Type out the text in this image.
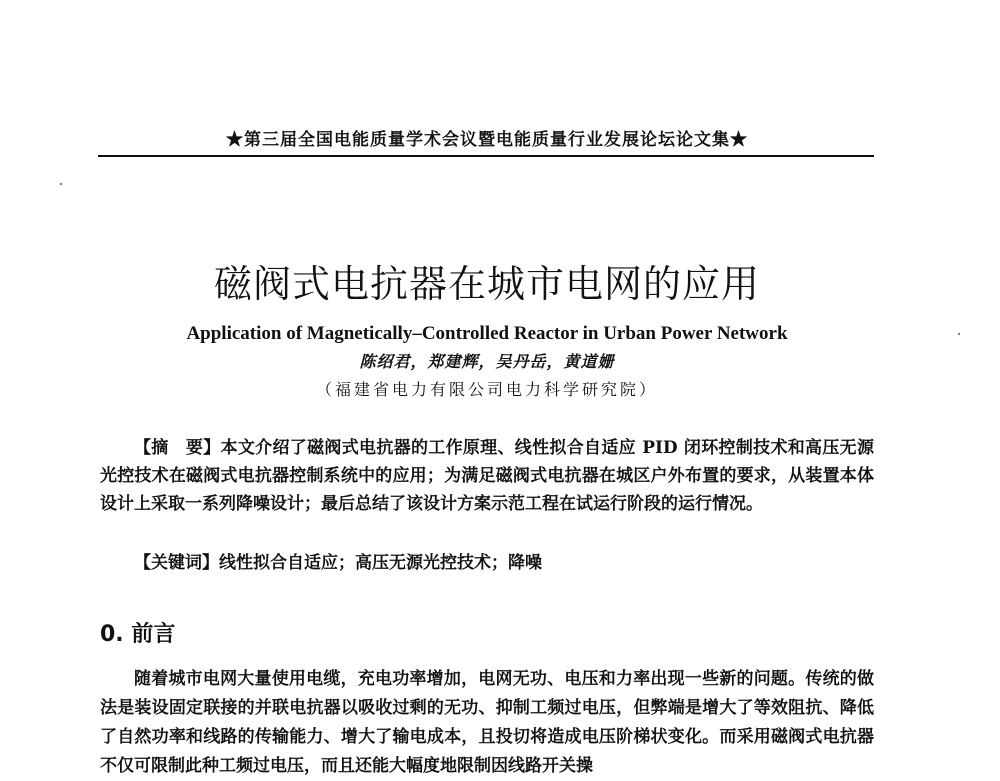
★第三届全国电能质量学术会议暨电能质量行业发展论坛论文集★
磁阀式电抗器在城市电网的应用
Application of Magnetically–Controlled Reactor in Urban Power Network
陈绍君，郑建辉，吴丹岳，黄道姗
（福建省电力有限公司电力科学研究院）

【摘　要】本文介绍了磁阀式电抗器的工作原理、线性拟合自适应 PID 闭环控制技术和高压无源光控技术在磁阀式电抗器控制系统中的应用；为满足磁阀式电抗器在城区户外布置的要求，从装置本体设计上采取一系列降噪设计；最后总结了该设计方案示范工程在试运行阶段的运行情况。

【关键词】线性拟合自适应；高压无源光控技术；降噪

0. 前言

随着城市电网大量使用电缆，充电功率增加，电网无功、电压和力率出现一些新的问题。传统的做法是装设固定联接的并联电抗器以吸收过剩的无功、抑制工频过电压，但弊端是增大了等效阻抗、降低了自然功率和线路的传输能力、增大了输电成本，且投切将造成电压阶梯状变化。而采用磁阀式电抗器不仅可限制此种工频过电压，而且还能大幅度地限制因线路开关操
